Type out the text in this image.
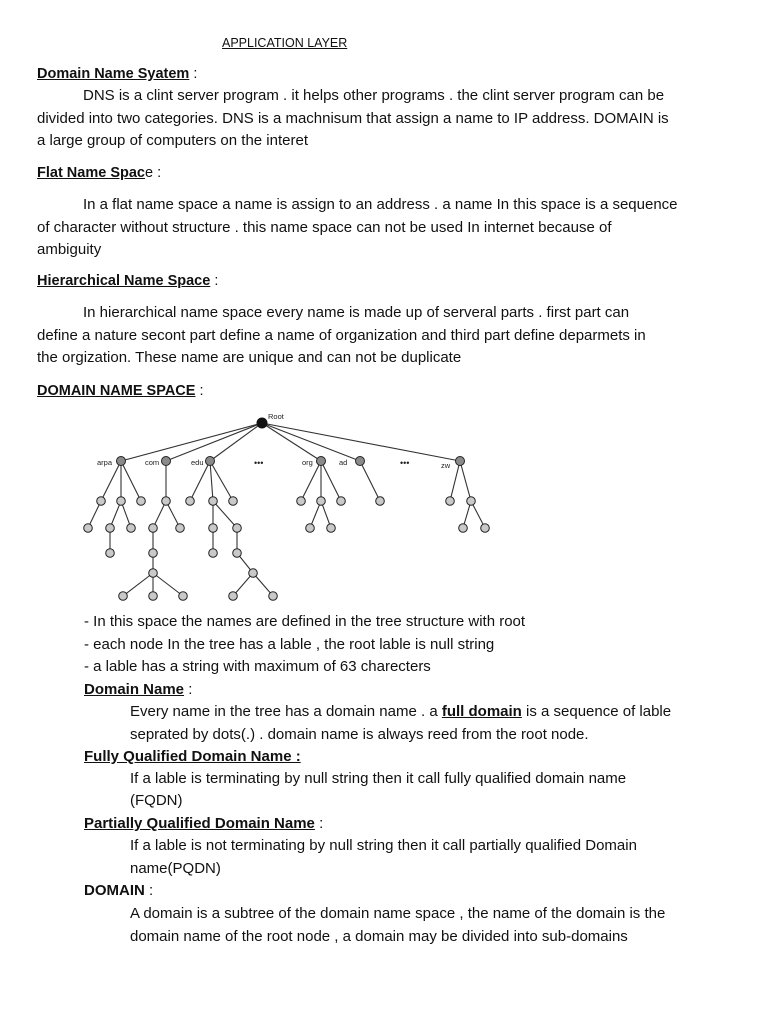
APPLICATION LAYER
Domain Name Syatem :
DNS is a clint server program . it helps other programs . the clint server program can be
divided into two categories. DNS is a machnisum that assign a name to IP address. DOMAIN is
a large group of computers on the interet
Flat Name Space :
In a flat name space a name is assign to an address . a name In this space is a sequence
of character without structure . this name space can not be used In internet because of
ambiguity
Hierarchical Name Space :
In hierarchical name space every name is made up of serveral parts . first part can
define a nature secont part define a name of organization and third part define deparmets in
the orgization. These name are unique and can not be duplicate
DOMAIN NAME SPACE :
Root
arpa	com	edu	org	ad	zw
•••	•••
- In this space the names are defined in the tree structure with root
- each node In the tree has a lable , the root lable is null string
- a lable has a string with maximum of 63 charecters
Domain Name :
Every name in the tree has a domain name . a full domain is a sequence of lable
seprated by dots(.) . domain name is always reed from the root node.
Fully Qualified Domain Name :
If a lable is terminating by null string then it call fully qualified domain name
(FQDN)
Partially Qualified Domain Name :
If a lable is not terminating by null string then it call partially qualified Domain
name(PQDN)
DOMAIN :
A domain is a subtree of the domain name space , the name of the domain is the
domain name of the root node , a domain may be divided into sub-domains
